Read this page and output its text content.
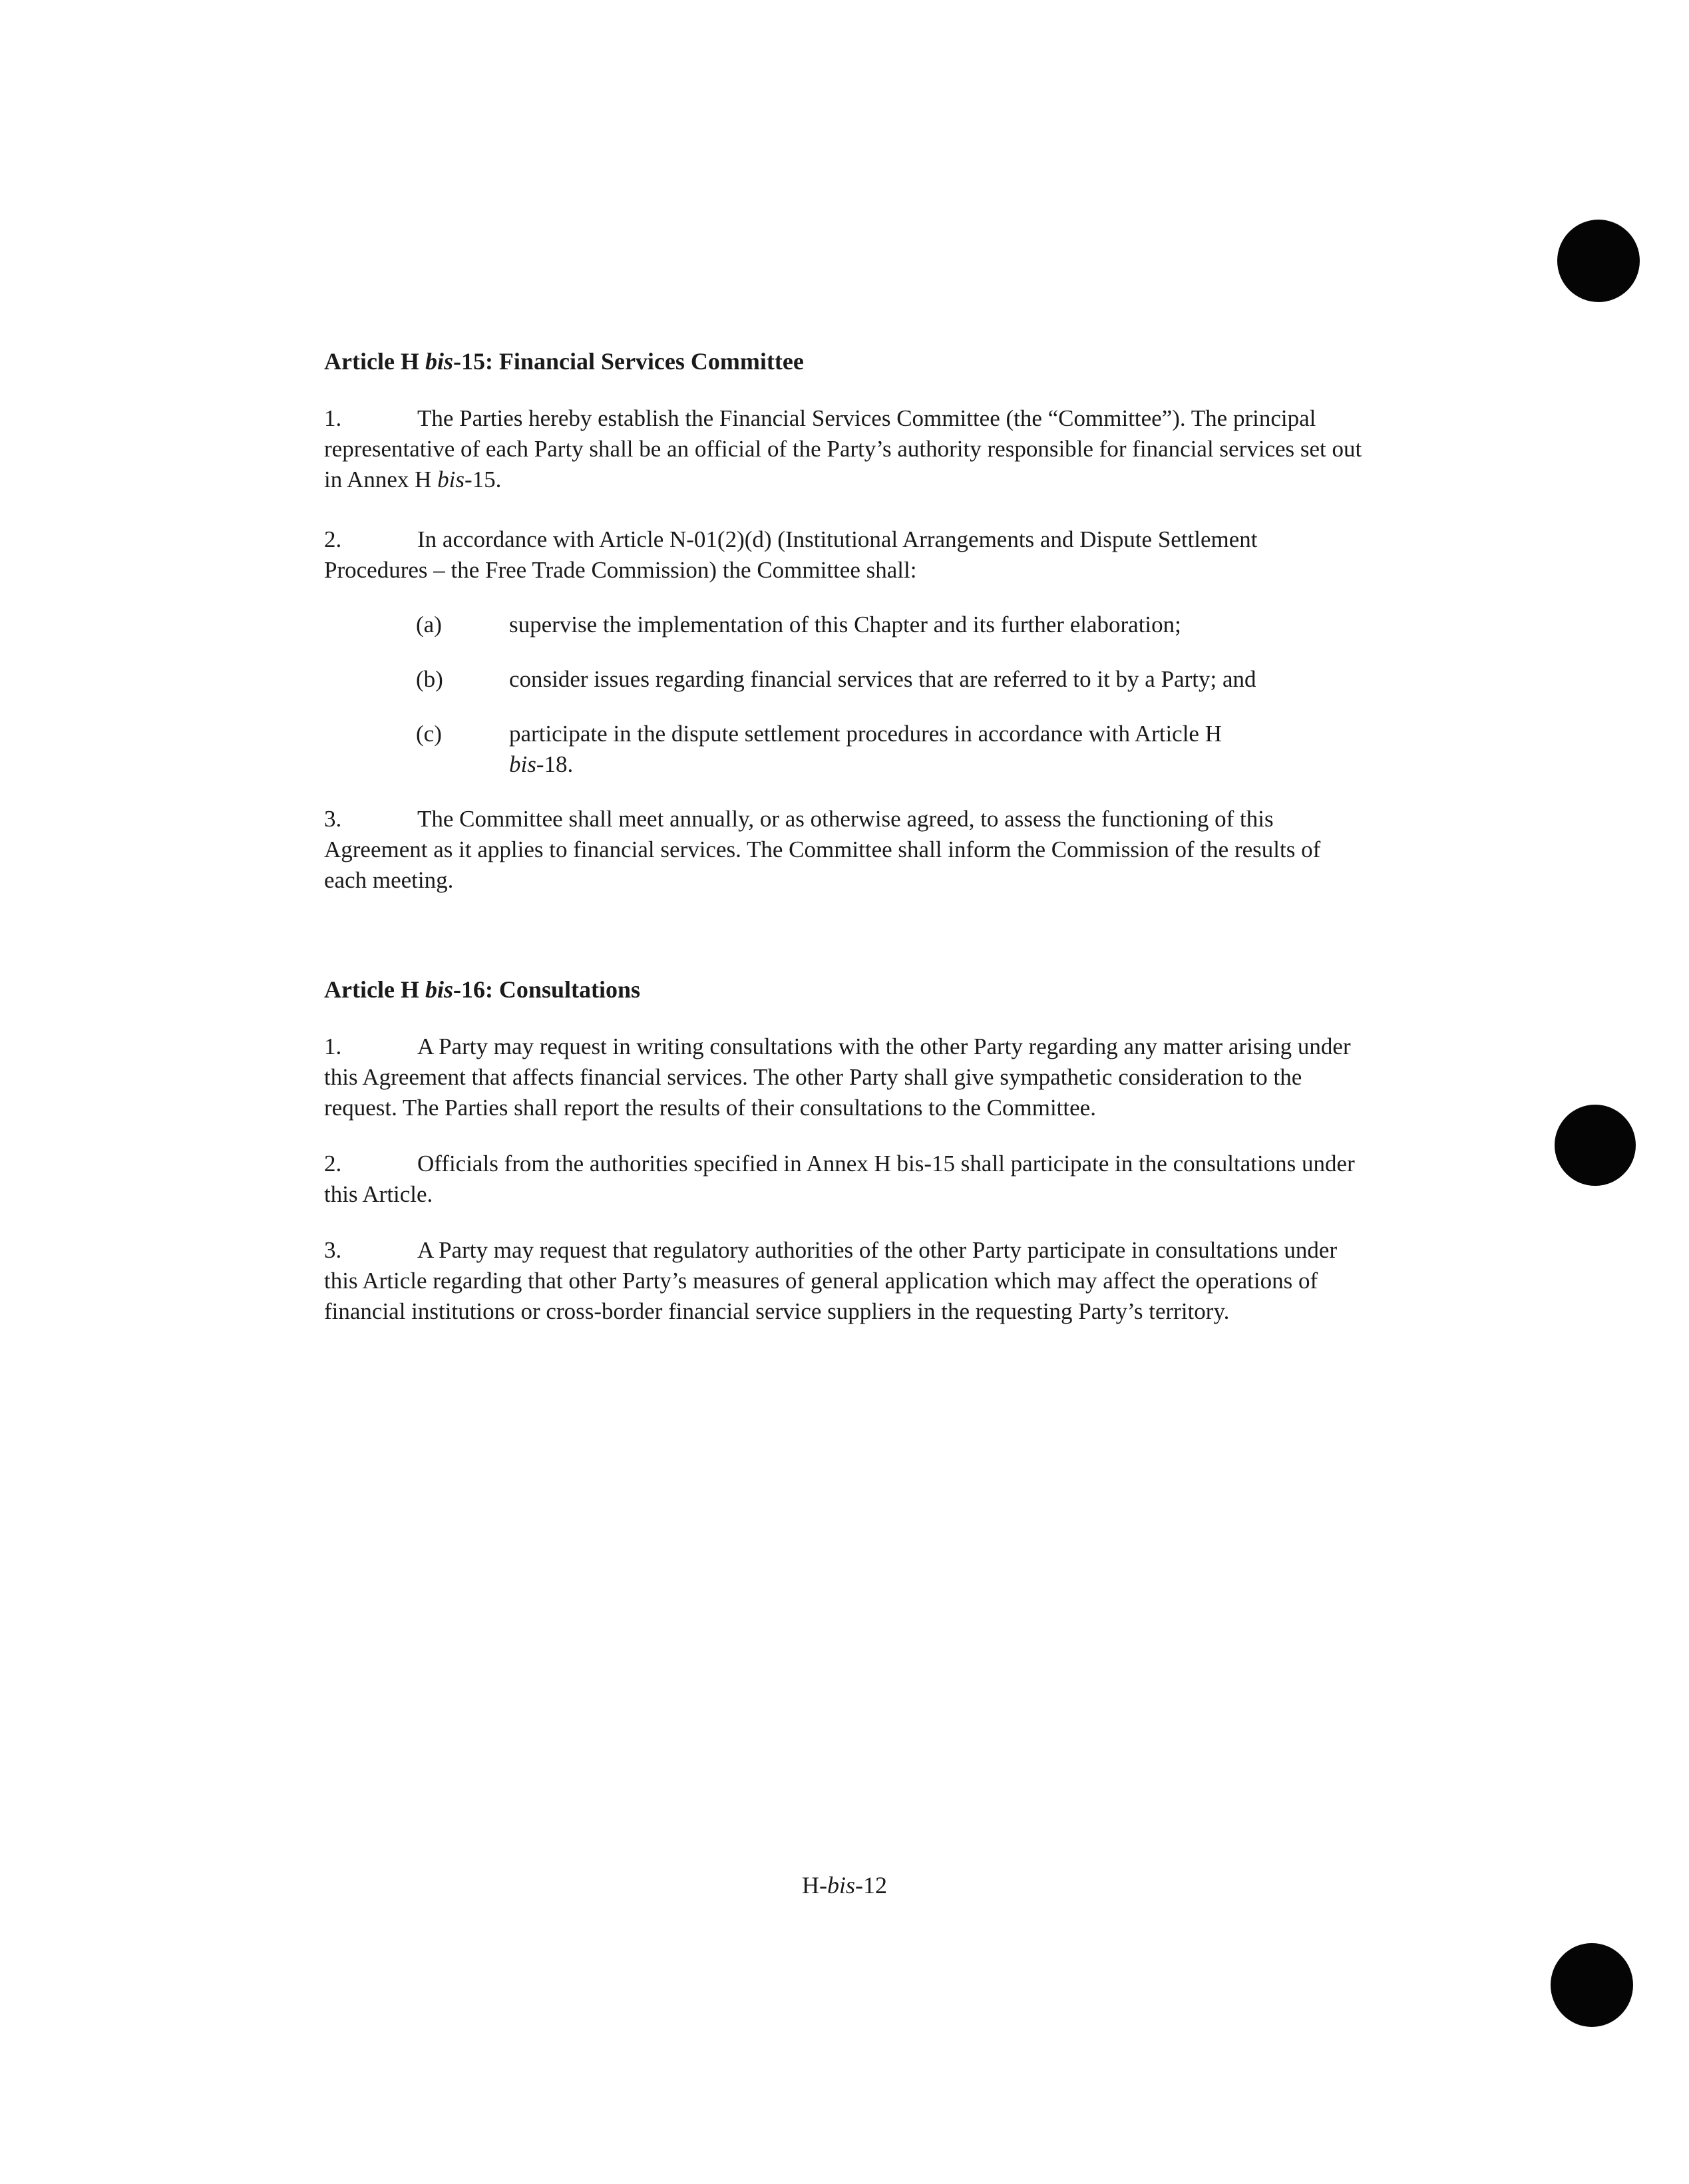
Article H bis-15: Financial Services Committee

1.	The Parties hereby establish the Financial Services Committee (the “Committee”). The principal representative of each Party shall be an official of the Party’s authority responsible for financial services set out in Annex H bis-15.

2.	In accordance with Article N-01(2)(d) (Institutional Arrangements and Dispute Settlement Procedures – the Free Trade Commission) the Committee shall:

(a)	supervise the implementation of this Chapter and its further elaboration;
(b)	consider issues regarding financial services that are referred to it by a Party; and
(c)	participate in the dispute settlement procedures in accordance with Article H bis-18.

3.	The Committee shall meet annually, or as otherwise agreed, to assess the functioning of this Agreement as it applies to financial services. The Committee shall inform the Commission of the results of each meeting.

Article H bis-16: Consultations

1.	A Party may request in writing consultations with the other Party regarding any matter arising under this Agreement that affects financial services. The other Party shall give sympathetic consideration to the request. The Parties shall report the results of their consultations to the Committee.

2.	Officials from the authorities specified in Annex H bis-15 shall participate in the consultations under this Article.

3.	A Party may request that regulatory authorities of the other Party participate in consultations under this Article regarding that other Party’s measures of general application which may affect the operations of financial institutions or cross-border financial service suppliers in the requesting Party’s territory.

H-bis-12
